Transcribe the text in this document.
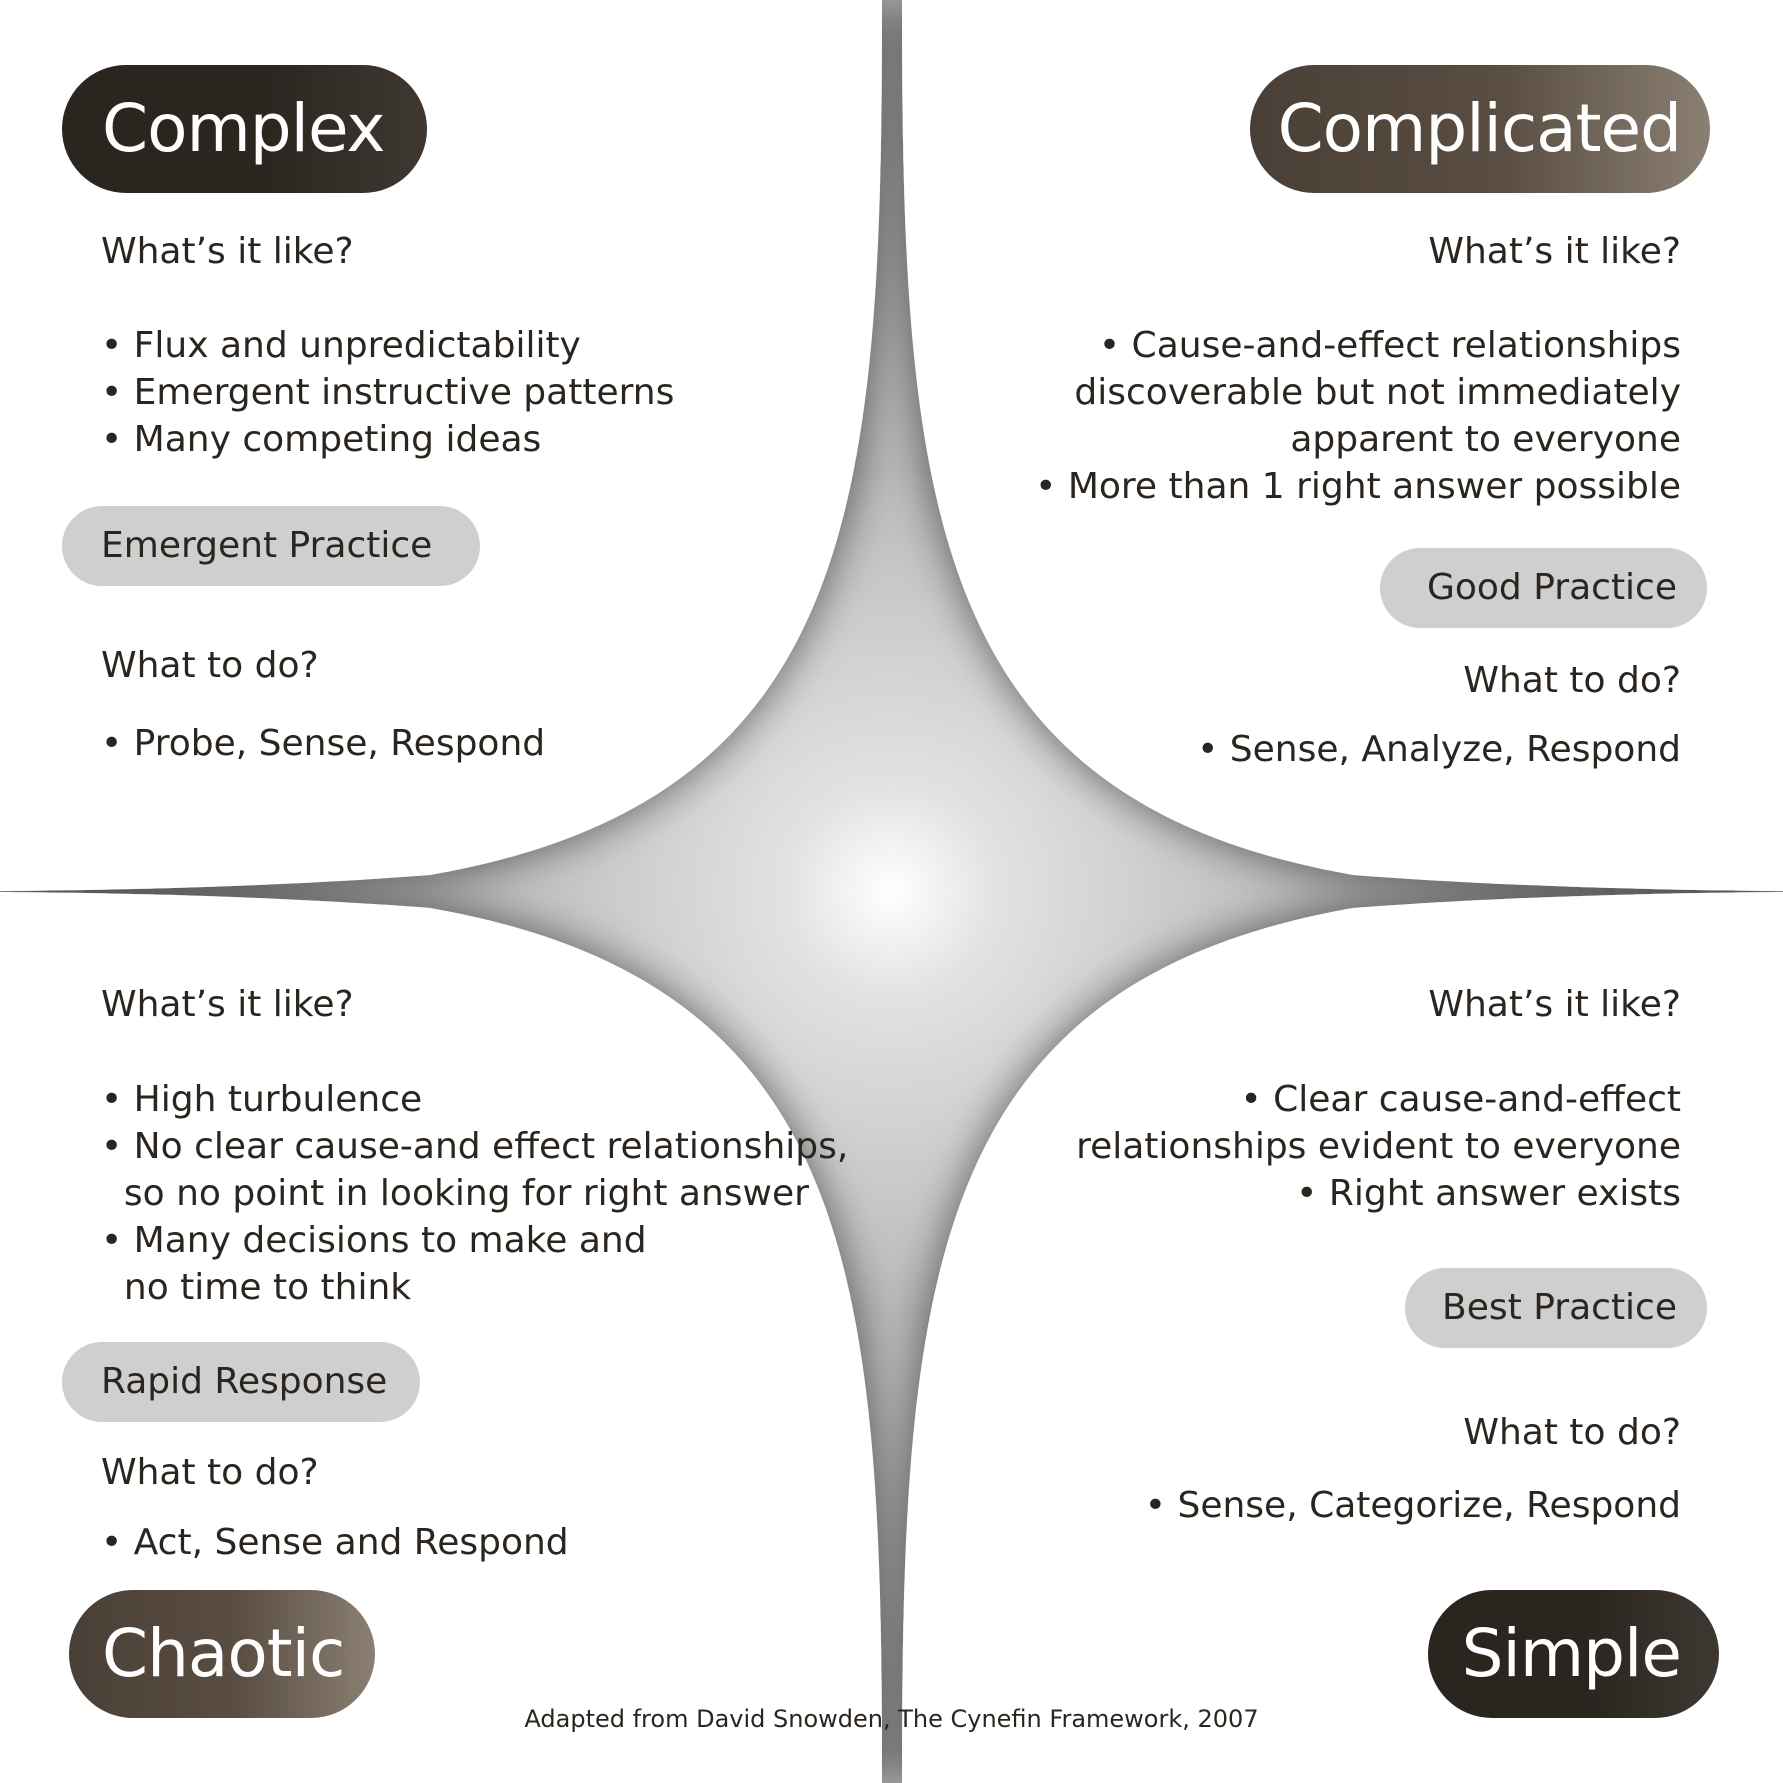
Complex
What’s it like?
• Flux and unpredictability
• Emergent instructive patterns
• Many competing ideas
Emergent Practice
What to do?
• Probe, Sense, Respond
Complicated
What’s it like?
• Cause-and-effect relationships
discoverable but not immediately
apparent to everyone
• More than 1 right answer possible
Good Practice
What to do?
• Sense, Analyze, Respond
What’s it like?
• High turbulence
• No clear cause-and effect relationships,
so no point in looking for right answer
• Many decisions to make and
no time to think
Rapid Response
What to do?
• Act, Sense and Respond
Chaotic
What’s it like?
• Clear cause-and-effect
relationships evident to everyone
• Right answer exists
Best Practice
What to do?
• Sense, Categorize, Respond
Simple
Adapted from David Snowden, The Cynefin Framework, 2007
